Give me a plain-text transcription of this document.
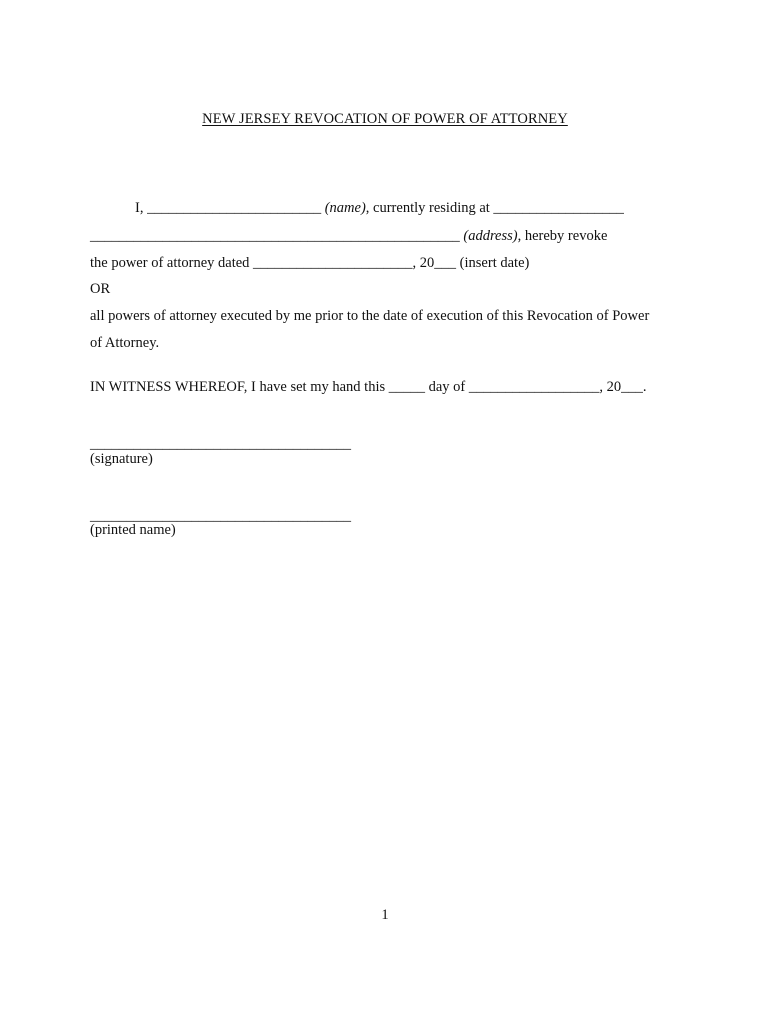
NEW JERSEY REVOCATION OF POWER OF ATTORNEY
I, ________________________ (name), currently residing at __________________
___________________________________________________ (address), hereby revoke
the power of attorney dated ______________________, 20___ (insert date)
OR
all powers of attorney executed by me prior to the date of execution of this Revocation of Power
of Attorney.
IN WITNESS WHEREOF, I have set my hand this _____ day of __________________, 20___.
____________________________________
(signature)
____________________________________
(printed name)
1
